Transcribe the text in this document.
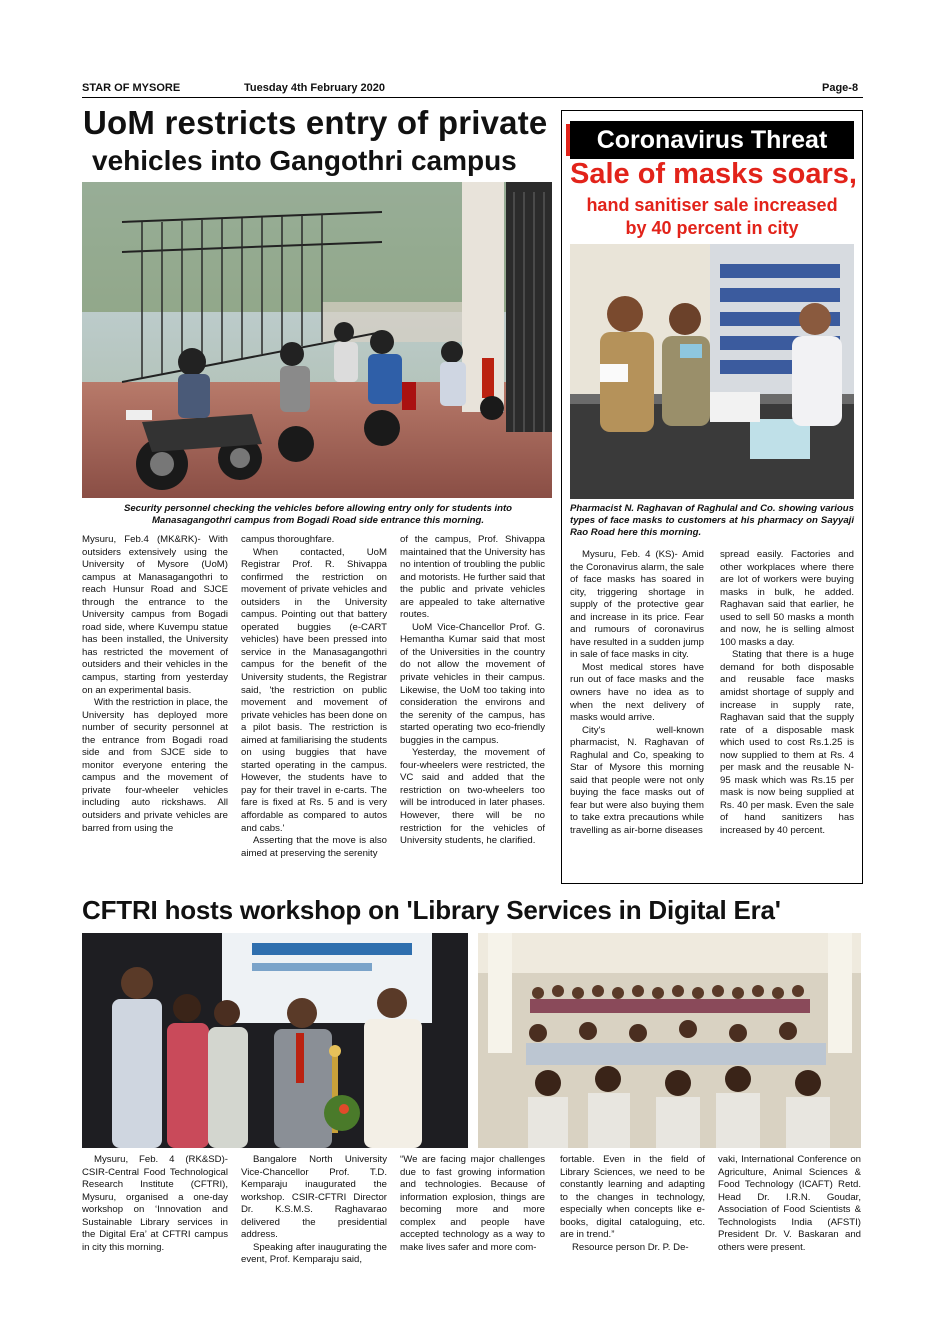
STAR OF MYSORE	Tuesday 4th February 2020	Page-8
UoM restricts entry of private
vehicles into Gangothri campus
Security personnel checking the vehicles before allowing entry only for students into Manasagangothri campus from Bogadi Road side entrance this morning.

Mysuru, Feb.4 (MK&RK)- With outsiders extensively using the University of Mysore (UoM) campus at Manasagangothri to reach Hunsur Road and SJCE through the entrance to the University campus from Bogadi road side, where Kuvempu statue has been installed, the University has restricted the movement of outsiders and their vehicles in the campus, starting from yesterday on an experimental basis.

With the restriction in place, the University has deployed more number of security personnel at the entrance from Bogadi road side and from SJCE side to monitor everyone entering the campus and the movement of private four-wheeler vehicles including auto rickshaws. All outsiders and private vehicles are barred from using the

campus thoroughfare.

When contacted, UoM Registrar Prof. R. Shivappa confirmed the restriction on movement of private vehicles and outsiders in the University campus. Pointing out that battery operated buggies (e-CART vehicles) have been pressed into service in the Manasagangothri campus for the benefit of the University students, the Registrar said, 'the restriction on public movement and movement of private vehicles has been done on a pilot basis. The restriction is aimed at familiarising the students on using buggies that have started operating in the campus. However, the students have to pay for their travel in e-carts. The fare is fixed at Rs. 5 and is very affordable as compared to autos and cabs.'

Asserting that the move is also aimed at preserving the serenity

of the campus, Prof. Shivappa maintained that the University has no intention of troubling the public and motorists. He further said that the public and private vehicles are appealed to take alternative routes.

UoM Vice-Chancellor Prof. G. Hemantha Kumar said that most of the Universities in the country do not allow the movement of private vehicles in their campus. Likewise, the UoM too taking into consideration the environs and the serenity of the campus, has started operating two eco-friendly buggies in the campus.

Yesterday, the movement of four-wheelers were restricted, the VC said and added that the restriction on two-wheelers too will be introduced in later phases. However, there will be no restriction for the vehicles of University students, he clarified.

Coronavirus Threat
Sale of masks soars,
hand sanitiser sale increased
by 40 percent in city
Pharmacist N. Raghavan of Raghulal and Co. showing various types of face masks to customers at his pharmacy on Sayyaji Rao Road here this morning.

Mysuru, Feb. 4 (KS)- Amid the Coronavirus alarm, the sale of face masks has soared in city, triggering shortage in supply of the protective gear and increase in its price. Fear and rumours of coronavirus have resulted in a sudden jump in sale of face masks in city.

Most medical stores have run out of face masks and the owners have no idea as to when the next delivery of masks would arrive.

City's well-known pharmacist, N. Raghavan of Raghulal and Co, speaking to Star of Mysore this morning said that people were not only buying the face masks out of fear but were also buying them to take extra precautions while travelling as air-borne diseases

spread easily. Factories and other workplaces where there are lot of workers were buying masks in bulk, he added. Raghavan said that earlier, he used to sell 50 masks a month and now, he is selling almost 100 masks a day.

Stating that there is a huge demand for both disposable and reusable face masks amidst shortage of supply and increase in supply rate, Raghavan said that the supply rate of a disposable mask which used to cost Rs.1.25 is now supplied to them at Rs. 4 per mask and the reusable N-95 mask which was Rs.15 per mask is now being supplied at Rs. 40 per mask. Even the sale of hand sanitizers has increased by 40 percent.

CFTRI hosts workshop on 'Library Services in Digital Era'

Mysuru, Feb. 4 (RK&SD)- CSIR-Central Food Technological Research Institute (CFTRI), Mysuru, organised a one-day workshop on ‘Innovation and Sustainable Library services in the Digital Era’ at CFTRI campus in city this morning.

Bangalore North University Vice-Chancellor Prof. T.D. Kemparaju inaugurated the workshop. CSIR-CFTRI Director Dr. K.S.M.S. Raghavarao delivered the presidential address.

Speaking after inaugurating the event, Prof. Kemparaju said,

“We are facing major challenges due to fast growing information and technologies. Because of information explosion, things are becoming more and more complex and people have accepted technology as a way to make lives safer and more com-

fortable. Even in the field of Library Sciences, we need to be constantly learning and adapting to the changes in technology, especially when concepts like e-books, digital cataloguing, etc. are in trend.”

Resource person Dr. P. De-

vaki, International Conference on Agriculture, Animal Sciences & Food Technology (ICAFT) Retd. Head Dr. I.R.N. Goudar, Association of Food Scientists & Technologists India (AFSTI) President Dr. V. Baskaran and others were present.
